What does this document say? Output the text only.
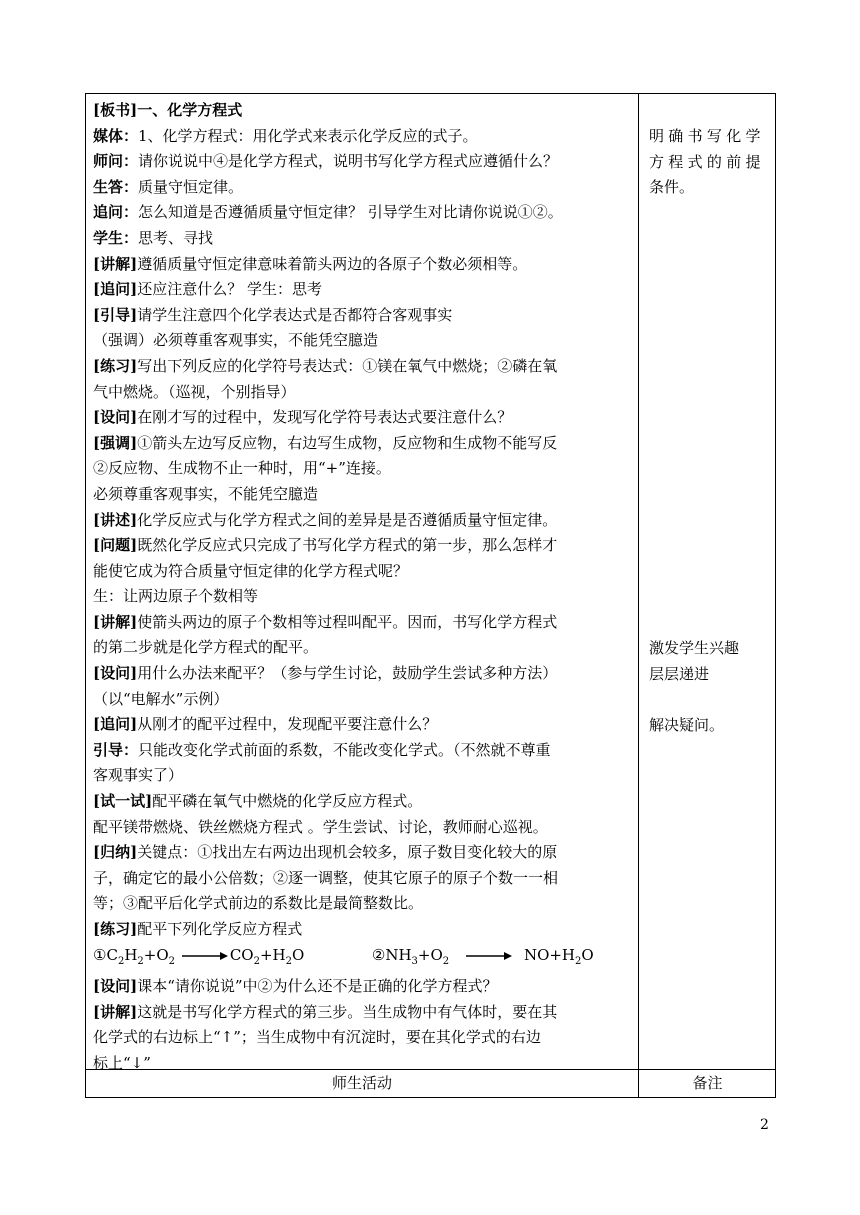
[板书]一、化学方程式

媒体：1、化学方程式：用化学式来表示化学反应的式子。

师问：请你说说中④是化学方程式，说明书写化学方程式应遵循什么？

生答：质量守恒定律。

追问：怎么知道是否遵循质量守恒定律？ 引导学生对比请你说说①②。

学生：思考、寻找

[讲解]遵循质量守恒定律意味着箭头两边的各原子个数必须相等。

[追问]还应注意什么？ 学生：思考

[引导]请学生注意四个化学表达式是否都符合客观事实

（强调）必须尊重客观事实，不能凭空臆造

[练习]写出下列反应的化学符号表达式：①镁在氧气中燃烧；②磷在氧

气中燃烧。（巡视，个别指导）

[设问]在刚才写的过程中，发现写化学符号表达式要注意什么？

[强调]①箭头左边写反应物，右边写生成物，反应物和生成物不能写反

②反应物、生成物不止一种时，用“+”连接。

必须尊重客观事实，不能凭空臆造

[讲述]化学反应式与化学方程式之间的差异是是否遵循质量守恒定律。

[问题]既然化学反应式只完成了书写化学方程式的第一步，那么怎样才

能使它成为符合质量守恒定律的化学方程式呢？

生：让两边原子个数相等

[讲解]使箭头两边的原子个数相等过程叫配平。因而，书写化学方程式

的第二步就是化学方程式的配平。

[设问]用什么办法来配平？（参与学生讨论，鼓励学生尝试多种方法）

（以“电解水”示例）

[追问]从刚才的配平过程中，发现配平要注意什么？

引导：只能改变化学式前面的系数，不能改变化学式。（不然就不尊重

客观事实了）

[试一试]配平磷在氧气中燃烧的化学反应方程式。

配平镁带燃烧、铁丝燃烧方程式 。学生尝试、讨论，教师耐心巡视。

[归纳]关键点：①找出左右两边出现机会较多，原子数目变化较大的原

子，确定它的最小公倍数；②逐一调整，使其它原子的原子个数一一相

等；③配平后化学式前边的系数比是最简整数比。

[练习]配平下列化学反应方程式

$①C_2H_2+O_2 \to CO_2+H_2O$	$②NH_3+O_2 \to NO+H_2O$

[设问]课本“请你说说”中②为什么还不是正确的化学方程式？

[讲解]这就是书写化学方程式的第三步。当生成物中有气体时，要在其

化学式的右边标上“↑”；当生成物中有沉淀时，要在其化学式的右边

标上“↓”

明确书写化学

方程式的前提

条件。

激发学生兴趣

层层递进

解决疑问。

师生活动	备注
2
